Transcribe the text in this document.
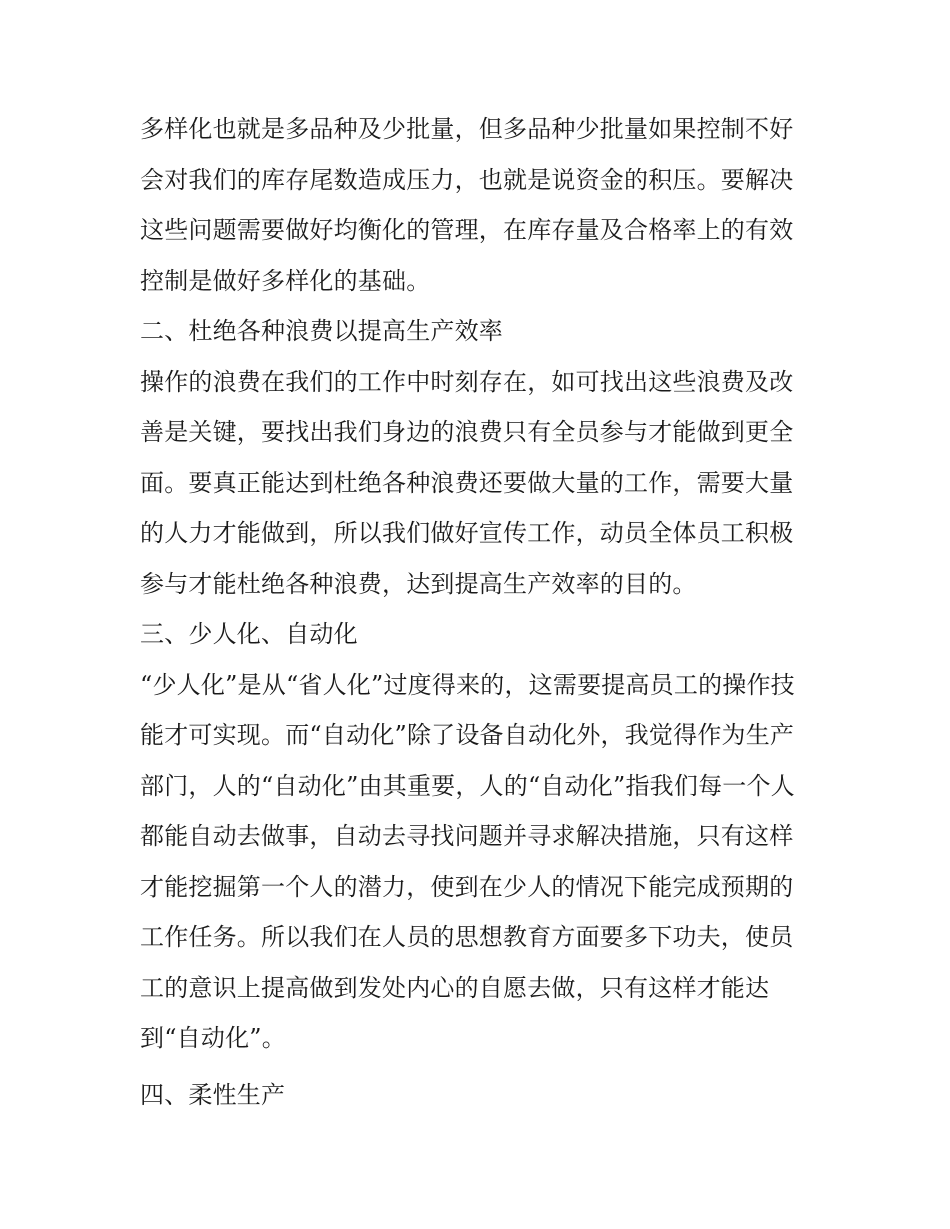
多样化也就是多品种及少批量，但多品种少批量如果控制不好
会对我们的库存尾数造成压力，也就是说资金的积压。要解决
这些问题需要做好均衡化的管理，在库存量及合格率上的有效
控制是做好多样化的基础。
二、杜绝各种浪费以提高生产效率
操作的浪费在我们的工作中时刻存在，如可找出这些浪费及改
善是关键，要找出我们身边的浪费只有全员参与才能做到更全
面。要真正能达到杜绝各种浪费还要做大量的工作，需要大量
的人力才能做到，所以我们做好宣传工作，动员全体员工积极
参与才能杜绝各种浪费，达到提高生产效率的目的。
三、少人化、自动化
“少人化”是从“省人化”过度得来的，这需要提高员工的操作技
能才可实现。而“自动化”除了设备自动化外，我觉得作为生产
部门，人的“自动化”由其重要，人的“自动化”指我们每一个人
都能自动去做事，自动去寻找问题并寻求解决措施，只有这样
才能挖掘第一个人的潜力，使到在少人的情况下能完成预期的
工作任务。所以我们在人员的思想教育方面要多下功夫，使员
工的意识上提高做到发处内心的自愿去做，只有这样才能达
到“自动化”。
四、柔性生产
